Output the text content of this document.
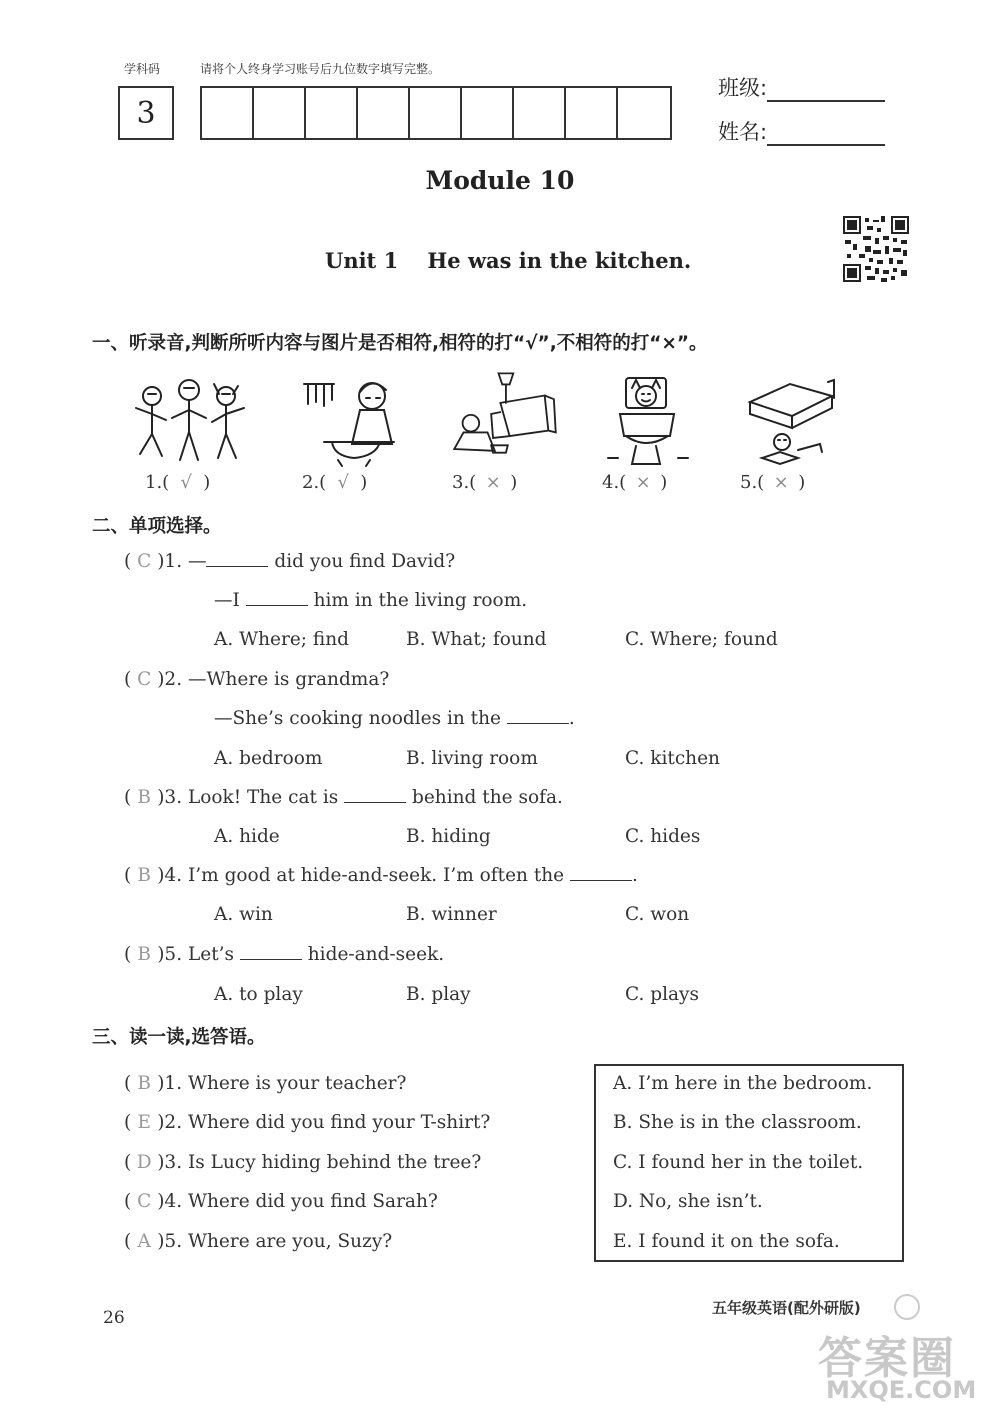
学科码	请将个人终身学习账号后九位数字填写完整。
3
班级:
姓名:
Module 10
Unit 1    He was in the kitchen.
一、听录音,判断所听内容与图片是否相符,相符的打“√”,不相符的打“×”。
1.( √ )	2.( √ )	3.( × )	4.( × )	5.( × )
二、单项选择。
( C )1. —	did you find David?
—I	him in the living room.
A. Where; find	B. What; found	C. Where; found
( C )2. —Where is grandma?
—She’s cooking noodles in the	.
A. bedroom	B. living room	C. kitchen
( B )3. Look! The cat is	behind the sofa.
A. hide	B. hiding	C. hides
( B )4. I’m good at hide-and-seek. I’m often the	.
A. win	B. winner	C. won
( B )5. Let’s	hide-and-seek.
A. to play	B. play	C. plays
三、读一读,选答语。
( B )1. Where is your teacher?
( E )2. Where did you find your T-shirt?
( D )3. Is Lucy hiding behind the tree?
( C )4. Where did you find Sarah?
( A )5. Where are you, Suzy?
A. I’m here in the bedroom.
B. She is in the classroom.
C. I found her in the toilet.
D. No, she isn’t.
E. I found it on the sofa.
26	五年级英语(配外研版)
答案圈
MXQE.COM
